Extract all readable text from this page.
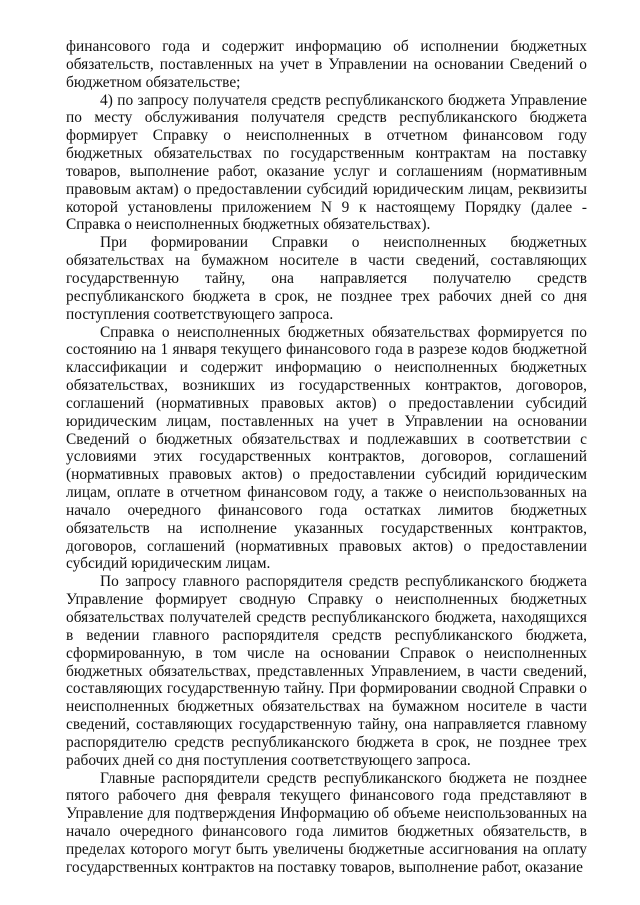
финансового года и содержит информацию об исполнении бюджетных обязательств, поставленных на учет в Управлении на основании Сведений о бюджетном обязательстве;

4) по запросу получателя средств республиканского бюджета Управление по месту обслуживания получателя средств республиканского бюджета формирует Справку о неисполненных в отчетном финансовом году бюджетных обязательствах по государственным контрактам на поставку товаров, выполнение работ, оказание услуг и соглашениям (нормативным правовым актам) о предоставлении субсидий юридическим лицам, реквизиты которой установлены приложением N 9 к настоящему Порядку (далее - Справка о неисполненных бюджетных обязательствах).

При формировании Справки о неисполненных бюджетных обязательствах на бумажном носителе в части сведений, составляющих государственную тайну, она направляется получателю средств республиканского бюджета в срок, не позднее трех рабочих дней со дня поступления соответствующего запроса.

Справка о неисполненных бюджетных обязательствах формируется по состоянию на 1 января текущего финансового года в разрезе кодов бюджетной классификации и содержит информацию о неисполненных бюджетных обязательствах, возникших из государственных контрактов, договоров, соглашений (нормативных правовых актов) о предоставлении субсидий юридическим лицам, поставленных на учет в Управлении на основании Сведений о бюджетных обязательствах и подлежавших в соответствии с условиями этих государственных контрактов, договоров, соглашений (нормативных правовых актов) о предоставлении субсидий юридическим лицам, оплате в отчетном финансовом году, а также о неиспользованных на начало очередного финансового года остатках лимитов бюджетных обязательств на исполнение указанных государственных контрактов, договоров, соглашений (нормативных правовых актов) о предоставлении субсидий юридическим лицам.

По запросу главного распорядителя средств республиканского бюджета Управление формирует сводную Справку о неисполненных бюджетных обязательствах получателей средств республиканского бюджета, находящихся в ведении главного распорядителя средств республиканского бюджета, сформированную, в том числе на основании Справок о неисполненных бюджетных обязательствах, представленных Управлением, в части сведений, составляющих государственную тайну. При формировании сводной Справки о неисполненных бюджетных обязательствах на бумажном носителе в части сведений, составляющих государственную тайну, она направляется главному распорядителю средств республиканского бюджета в срок, не позднее трех рабочих дней со дня поступления соответствующего запроса.

Главные распорядители средств республиканского бюджета не позднее пятого рабочего дня февраля текущего финансового года представляют в Управление для подтверждения Информацию об объеме неиспользованных на начало очередного финансового года лимитов бюджетных обязательств, в пределах которого могут быть увеличены бюджетные ассигнования на оплату государственных контрактов на поставку товаров, выполнение работ, оказание
